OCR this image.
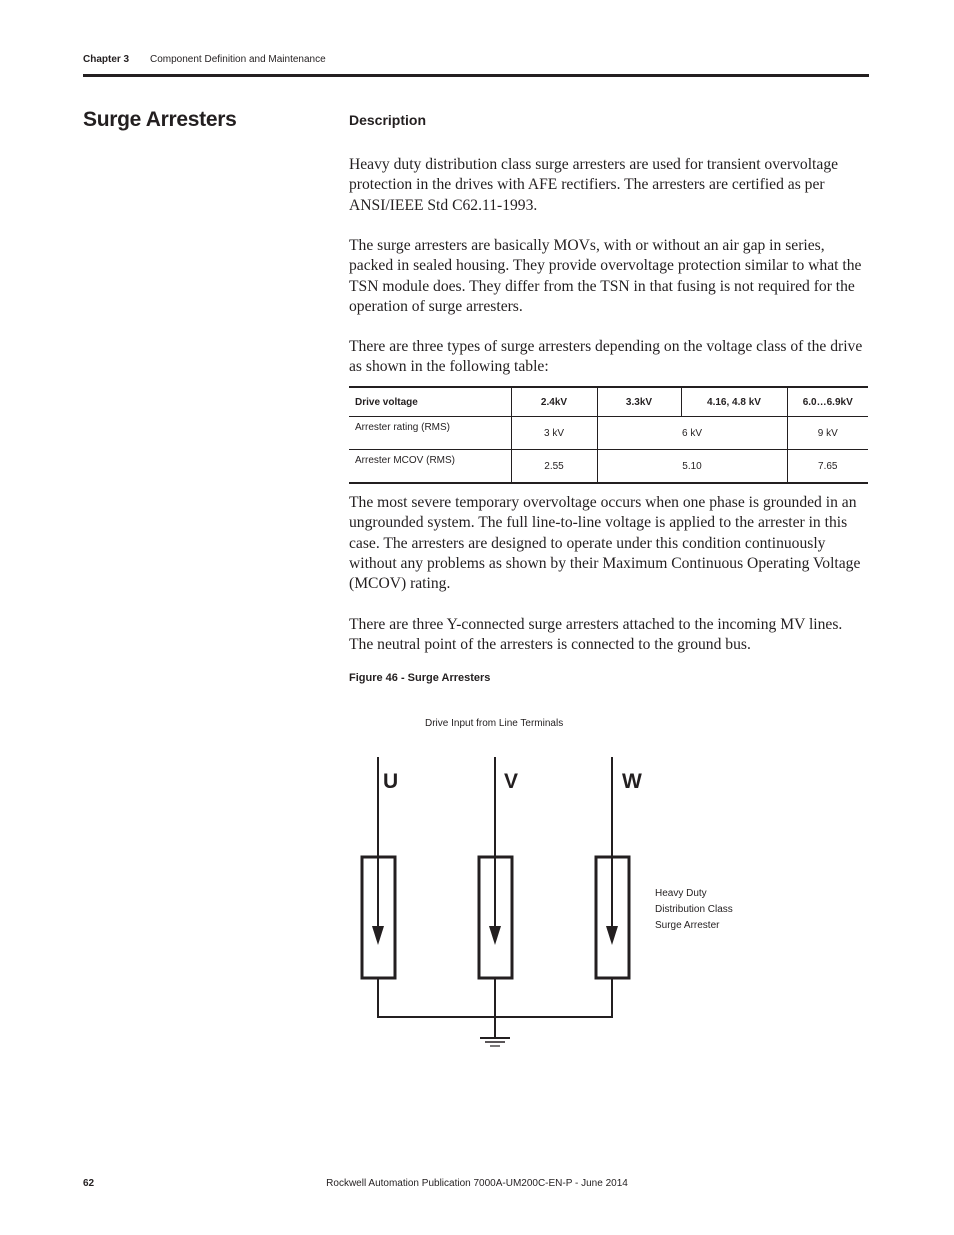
Chapter 3 Component Definition and Maintenance
Surge Arresters	Description

Heavy duty distribution class surge arresters are used for transient overvoltage protection in the drives with AFE rectifiers. The arresters are certified as per ANSI/IEEE Std C62.11-1993.

The surge arresters are basically MOVs, with or without an air gap in series, packed in sealed housing. They provide overvoltage protection similar to what the TSN module does. They differ from the TSN in that fusing is not required for the operation of surge arresters.

There are three types of surge arresters depending on the voltage class of the drive as shown in the following table:

Drive voltage	2.4kV	3.3kV	4.16, 4.8 kV	6.0…6.9kV
Arrester rating (RMS)	3 kV	6 kV		9 kV
Arrester MCOV (RMS)	2.55	5.10		7.65

The most severe temporary overvoltage occurs when one phase is grounded in an ungrounded system. The full line-to-line voltage is applied to the arrester in this case. The arresters are designed to operate under this condition continuously without any problems as shown by their Maximum Continuous Operating Voltage (MCOV) rating.

There are three Y-connected surge arresters attached to the incoming MV lines. The neutral point of the arresters is connected to the ground bus.

Figure 46 - Surge Arresters
Drive Input from Line Terminals
U	V	W
Heavy Duty
Distribution Class
Surge Arrester
62	Rockwell Automation Publication 7000A-UM200C-EN-P - June 2014
